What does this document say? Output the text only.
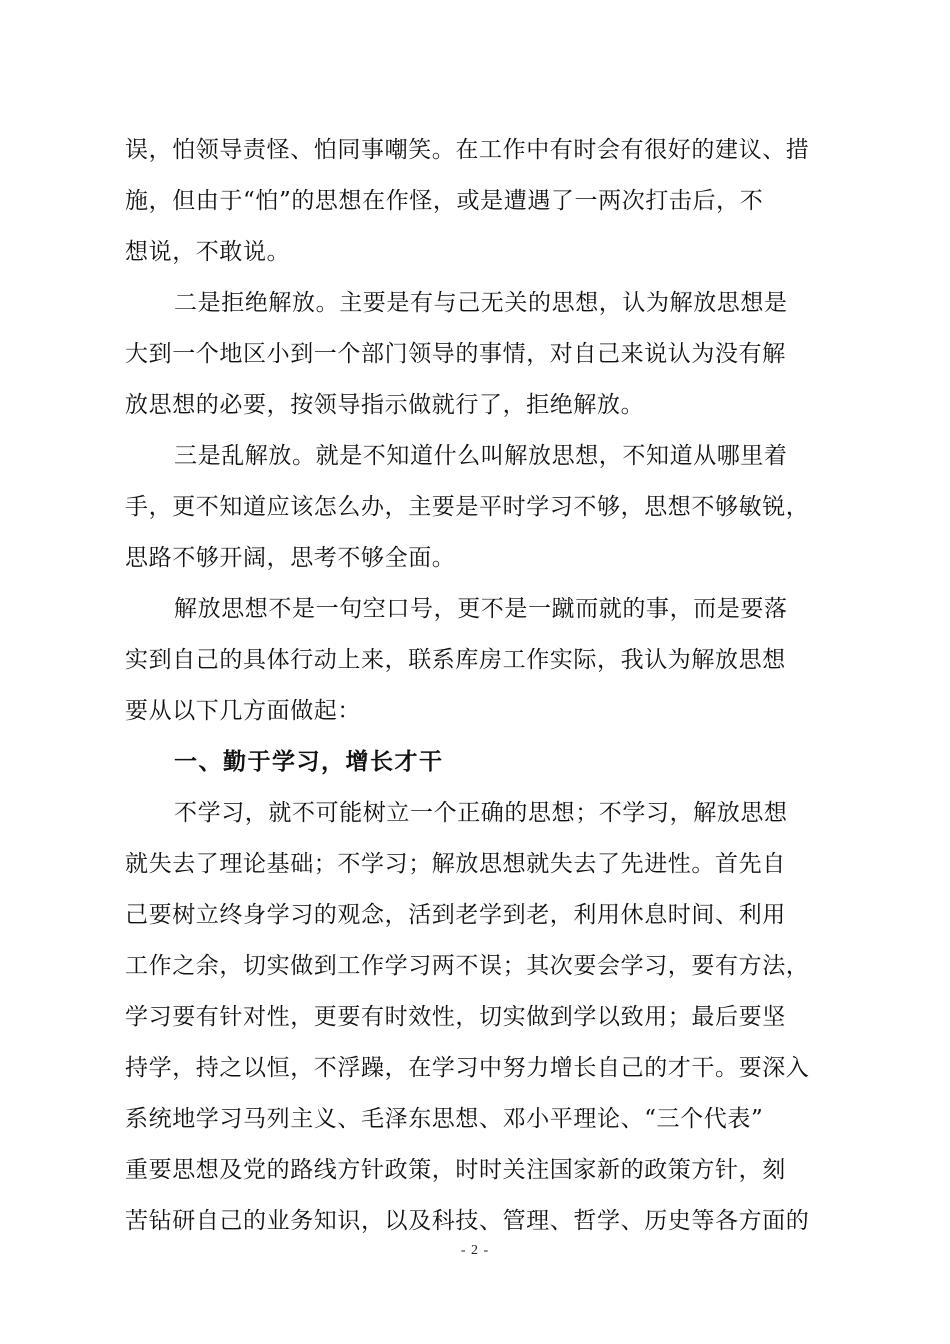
误，怕领导责怪、怕同事嘲笑。在工作中有时会有很好的建议、措
施，但由于“怕”的思想在作怪，或是遭遇了一两次打击后，不
想说，不敢说。
二是拒绝解放。主要是有与己无关的思想，认为解放思想是
大到一个地区小到一个部门领导的事情，对自己来说认为没有解
放思想的必要，按领导指示做就行了，拒绝解放。
三是乱解放。就是不知道什么叫解放思想，不知道从哪里着
手，更不知道应该怎么办，主要是平时学习不够，思想不够敏锐，
思路不够开阔，思考不够全面。
解放思想不是一句空口号，更不是一蹴而就的事，而是要落
实到自己的具体行动上来，联系库房工作实际，我认为解放思想
要从以下几方面做起：
一、勤于学习，增长才干
不学习，就不可能树立一个正确的思想；不学习，解放思想
就失去了理论基础；不学习；解放思想就失去了先进性。首先自
己要树立终身学习的观念，活到老学到老，利用休息时间、利用
工作之余，切实做到工作学习两不误；其次要会学习，要有方法，
学习要有针对性，更要有时效性，切实做到学以致用；最后要坚
持学，持之以恒，不浮躁，在学习中努力增长自己的才干。要深入
系统地学习马列主义、毛泽东思想、邓小平理论、“三个代表”
重要思想及党的路线方针政策，时时关注国家新的政策方针，刻
苦钻研自己的业务知识，以及科技、管理、哲学、历史等各方面的
- 2 -
